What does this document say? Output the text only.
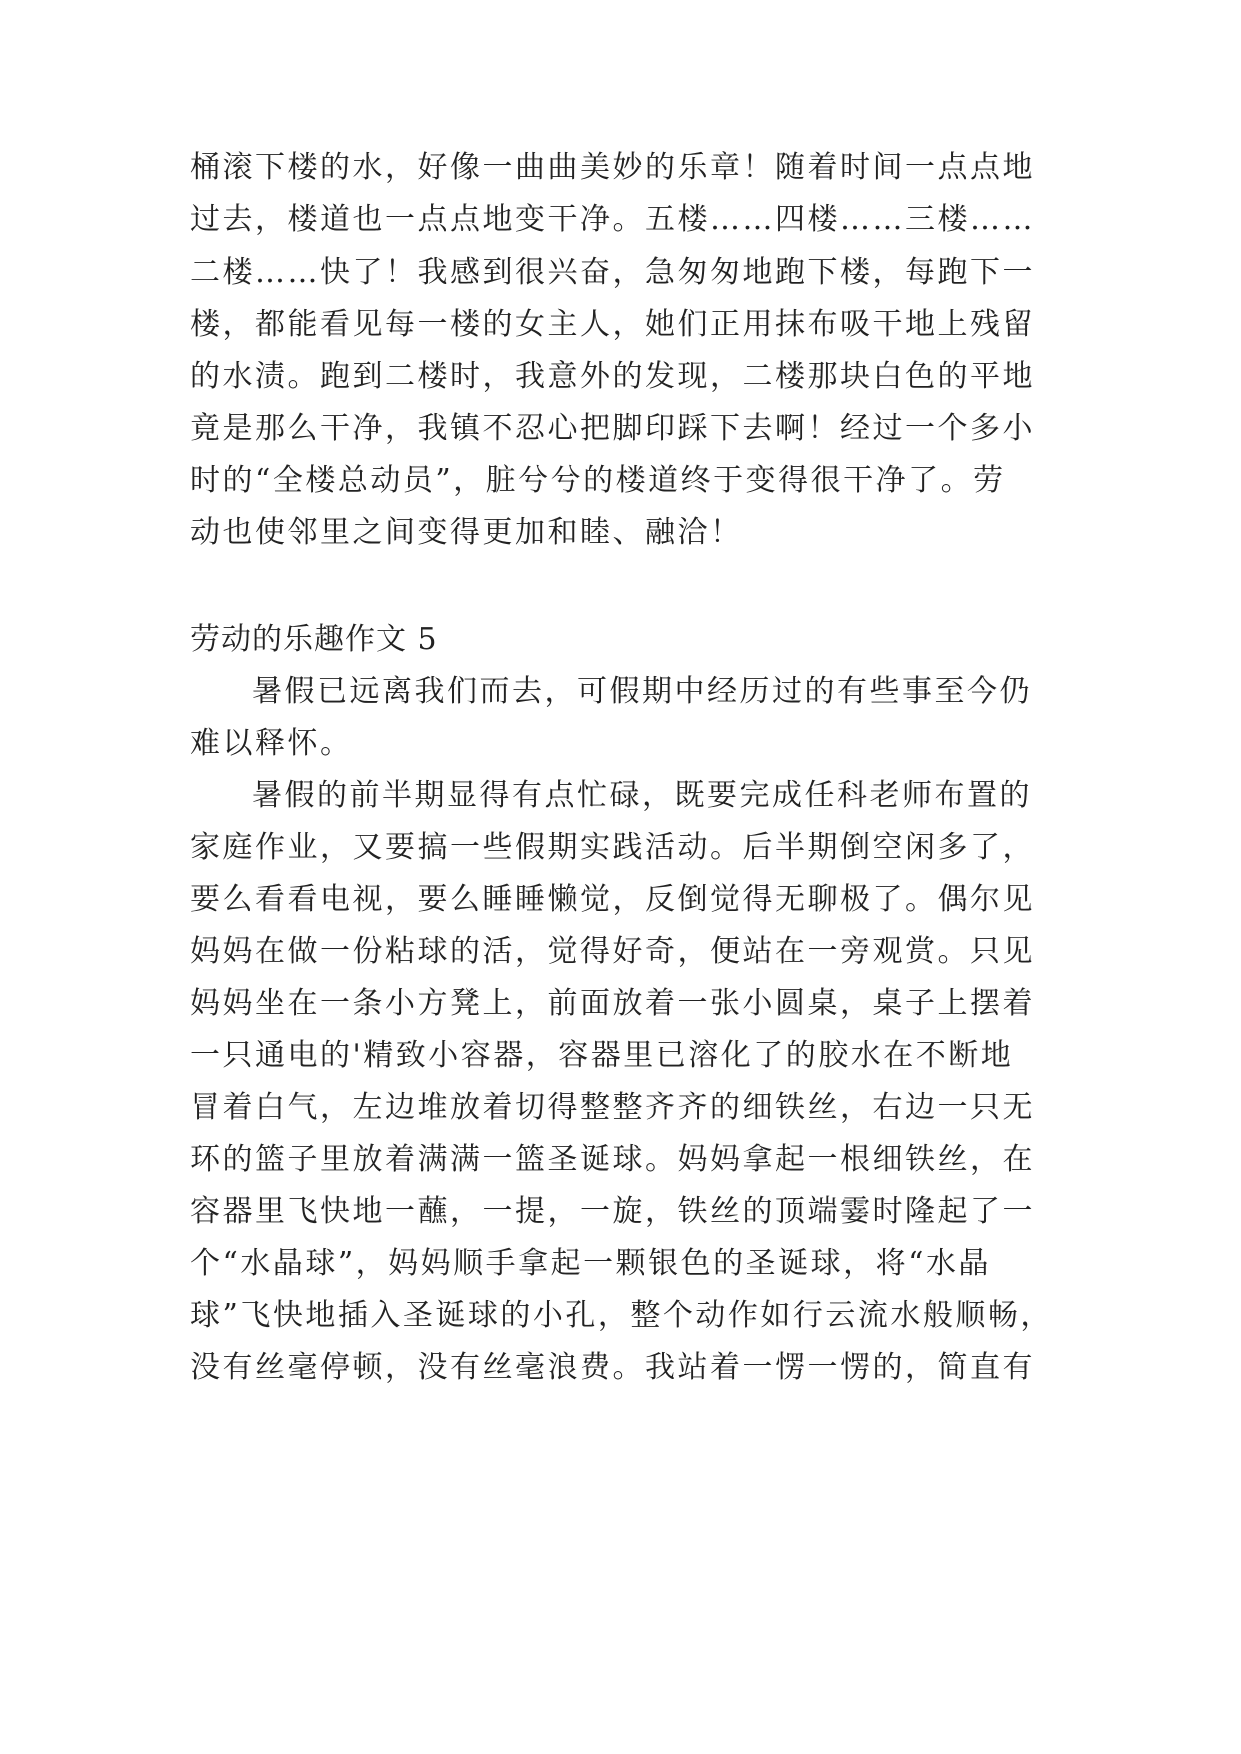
桶滚下楼的水，好像一曲曲美妙的乐章！随着时间一点点地
过去，楼道也一点点地变干净。五楼……四楼……三楼……
二楼……快了！我感到很兴奋，急匆匆地跑下楼，每跑下一
楼，都能看见每一楼的女主人，她们正用抹布吸干地上残留
的水渍。跑到二楼时，我意外的发现，二楼那块白色的平地
竟是那么干净，我镇不忍心把脚印踩下去啊！经过一个多小
时的“全楼总动员”，脏兮兮的楼道终于变得很干净了。劳
动也使邻里之间变得更加和睦、融洽！
劳动的乐趣作文 5
暑假已远离我们而去，可假期中经历过的有些事至今仍
难以释怀。
暑假的前半期显得有点忙碌，既要完成任科老师布置的
家庭作业，又要搞一些假期实践活动。后半期倒空闲多了，
要么看看电视，要么睡睡懒觉，反倒觉得无聊极了。偶尔见
妈妈在做一份粘球的活，觉得好奇，便站在一旁观赏。只见
妈妈坐在一条小方凳上，前面放着一张小圆桌，桌子上摆着
一只通电的'精致小容器，容器里已溶化了的胶水在不断地
冒着白气，左边堆放着切得整整齐齐的细铁丝，右边一只无
环的篮子里放着满满一篮圣诞球。妈妈拿起一根细铁丝，在
容器里飞快地一蘸，一提，一旋，铁丝的顶端霎时隆起了一
个“水晶球”，妈妈顺手拿起一颗银色的圣诞球，将“水晶
球”飞快地插入圣诞球的小孔，整个动作如行云流水般顺畅，
没有丝毫停顿，没有丝毫浪费。我站着一愣一愣的，简直有
